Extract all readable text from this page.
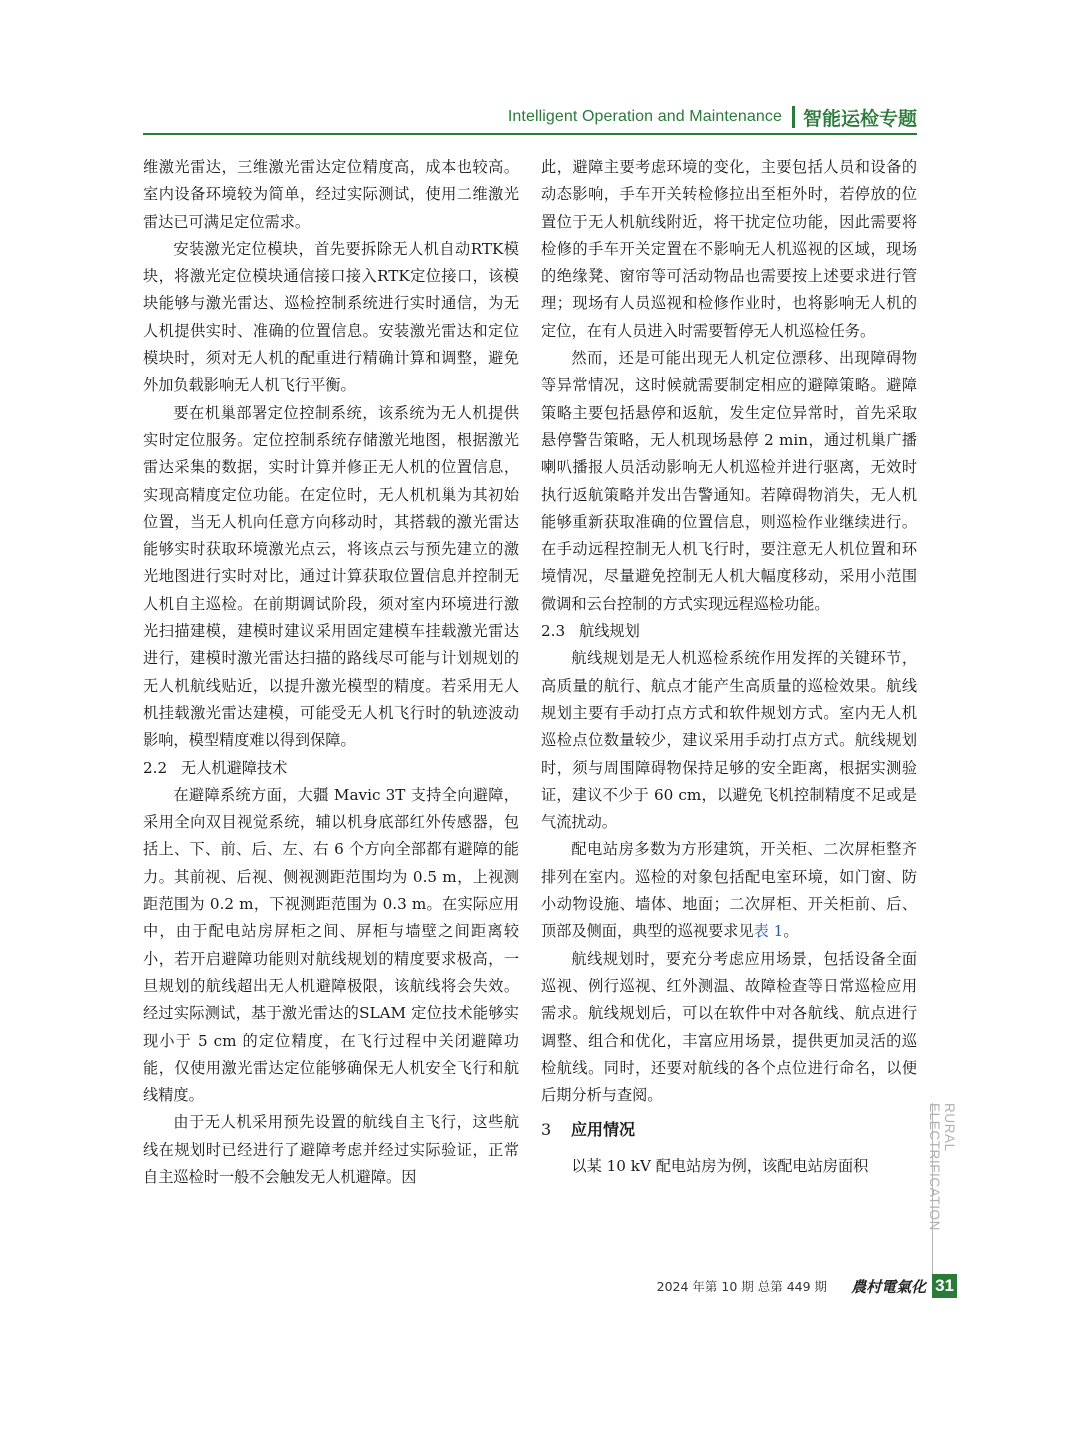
Intelligent Operation and Maintenance 智能运检专题

维激光雷达，三维激光雷达定位精度高，成本也较高。室内设备环境较为简单，经过实际测试，使用二维激光雷达已可满足定位需求。

安装激光定位模块，首先要拆除无人机自动RTK模块，将激光定位模块通信接口接入RTK定位接口，该模块能够与激光雷达、巡检控制系统进行实时通信，为无人机提供实时、准确的位置信息。安装激光雷达和定位模块时，须对无人机的配重进行精确计算和调整，避免外加负载影响无人机飞行平衡。

要在机巢部署定位控制系统，该系统为无人机提供实时定位服务。定位控制系统存储激光地图，根据激光雷达采集的数据，实时计算并修正无人机的位置信息，实现高精度定位功能。在定位时，无人机机巢为其初始位置，当无人机向任意方向移动时，其搭载的激光雷达能够实时获取环境激光点云，将该点云与预先建立的激光地图进行实时对比，通过计算获取位置信息并控制无人机自主巡检。在前期调试阶段，须对室内环境进行激光扫描建模，建模时建议采用固定建模车挂载激光雷达进行，建模时激光雷达扫描的路线尽可能与计划规划的无人机航线贴近，以提升激光模型的精度。若采用无人机挂载激光雷达建模，可能受无人机飞行时的轨迹波动影响，模型精度难以得到保障。

2.2 无人机避障技术

在避障系统方面，大疆 Mavic 3T 支持全向避障，采用全向双目视觉系统，辅以机身底部红外传感器，包括上、下、前、后、左、右 6 个方向全部都有避障的能力。其前视、后视、侧视测距范围均为 0.5 m，上视测距范围为 0.2 m，下视测距范围为 0.3 m。在实际应用中，由于配电站房屏柜之间、屏柜与墙壁之间距离较小，若开启避障功能则对航线规划的精度要求极高，一旦规划的航线超出无人机避障极限，该航线将会失效。经过实际测试，基于激光雷达的SLAM 定位技术能够实现小于 5 cm 的定位精度，在飞行过程中关闭避障功能，仅使用激光雷达定位能够确保无人机安全飞行和航线精度。

由于无人机采用预先设置的航线自主飞行，这些航线在规划时已经进行了避障考虑并经过实际验证，正常自主巡检时一般不会触发无人机避障。因

此，避障主要考虑环境的变化，主要包括人员和设备的动态影响，手车开关转检修拉出至柜外时，若停放的位置位于无人机航线附近，将干扰定位功能，因此需要将检修的手车开关定置在不影响无人机巡视的区域，现场的绝缘凳、窗帘等可活动物品也需要按上述要求进行管理；现场有人员巡视和检修作业时，也将影响无人机的定位，在有人员进入时需要暂停无人机巡检任务。

然而，还是可能出现无人机定位漂移、出现障碍物等异常情况，这时候就需要制定相应的避障策略。避障策略主要包括悬停和返航，发生定位异常时，首先采取悬停警告策略，无人机现场悬停 2 min，通过机巢广播喇叭播报人员活动影响无人机巡检并进行驱离，无效时执行返航策略并发出告警通知。若障碍物消失，无人机能够重新获取准确的位置信息，则巡检作业继续进行。在手动远程控制无人机飞行时，要注意无人机位置和环境情况，尽量避免控制无人机大幅度移动，采用小范围微调和云台控制的方式实现远程巡检功能。

2.3 航线规划

航线规划是无人机巡检系统作用发挥的关键环节，高质量的航行、航点才能产生高质量的巡检效果。航线规划主要有手动打点方式和软件规划方式。室内无人机巡检点位数量较少，建议采用手动打点方式。航线规划时，须与周围障碍物保持足够的安全距离，根据实测验证，建议不少于 60 cm，以避免飞机控制精度不足或是气流扰动。

配电站房多数为方形建筑，开关柜、二次屏柜整齐排列在室内。巡检的对象包括配电室环境，如门窗、防小动物设施、墙体、地面；二次屏柜、开关柜前、后、顶部及侧面，典型的巡视要求见表 1。

航线规划时，要充分考虑应用场景，包括设备全面巡视、例行巡视、红外测温、故障检查等日常巡检应用需求。航线规划后，可以在软件中对各航线、航点进行调整、组合和优化，丰富应用场景，提供更加灵活的巡检航线。同时，还要对航线的各个点位进行命名，以便后期分析与查阅。

3 应用情况

以某 10 kV 配电站房为例，该配电站房面积

RURAL ELECTRIFICATION
2024 年第 10 期 总第 449 期 農村電氣化 31
